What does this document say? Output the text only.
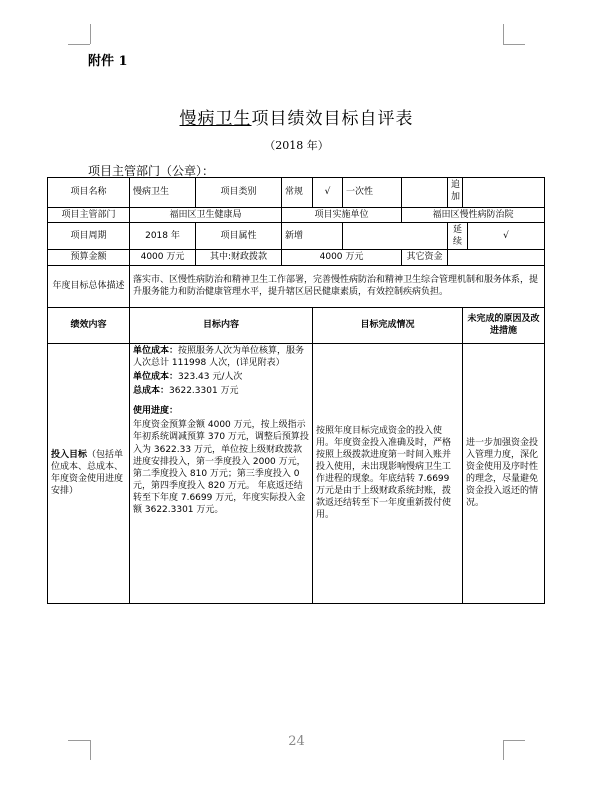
附件 1
慢病卫生项目绩效目标自评表
（2018 年）
项目主管部门（公章）：
项目名称	慢病卫生	项目类别	常规	√	一次性		追加		
项目主管部门	福田区卫生健康局		项目实施单位			福田区慢性病防治院			
项目周期	2018 年	项目属性	新增				延续		√
预算金额	4000 万元	其中:财政拨款	4000 万元			其它资金			
年度目标总体描述	落实市、区慢性病防治和精神卫生工作部署，完善慢性病防治和精神卫生综合管理机制和服务体系，提升服务能力和防治健康管理水平，提升辖区居民健康素质，有效控制疾病负担。								
绩效内容	目标内容			目标完成情况				未完成的原因及改进措施	
投入目标（包括单位成本、总成本、年度资金使用进度安排）	单位成本：按照服务人次为单位核算，服务人次总计 111998 人次，(详见附表）

单位成本：323.43 元/人次

总成本：3622.3301 万元

使用进度：

年度资金预算金额 4000 万元，按上级指示年初系统调减预算 370 万元，调整后预算投入为 3622.33 万元，单位按上级财政拨款进度安排投入，第一季度投入 2000 万元，第二季度投入 810 万元；第三季度投入 0 元，第四季度投入 820 万元。 年底返还结转至下年度 7.6699 万元，年度实际投入金额 3622.3301 万元。			按照年度目标完成资金的投入使用。年度资金投入准确及时，严格按照上级拨款进度第一时间入账并投入使用，未出现影响慢病卫生工作进程的现象。年底结转 7.6699 万元是由于上级财政系统封账，拨款返还结转至下一年度重新拨付使用。				进一步加强资金投入管理力度，深化资金使用及序时性的理念，尽量避免资金投入返还的情况。	
24
